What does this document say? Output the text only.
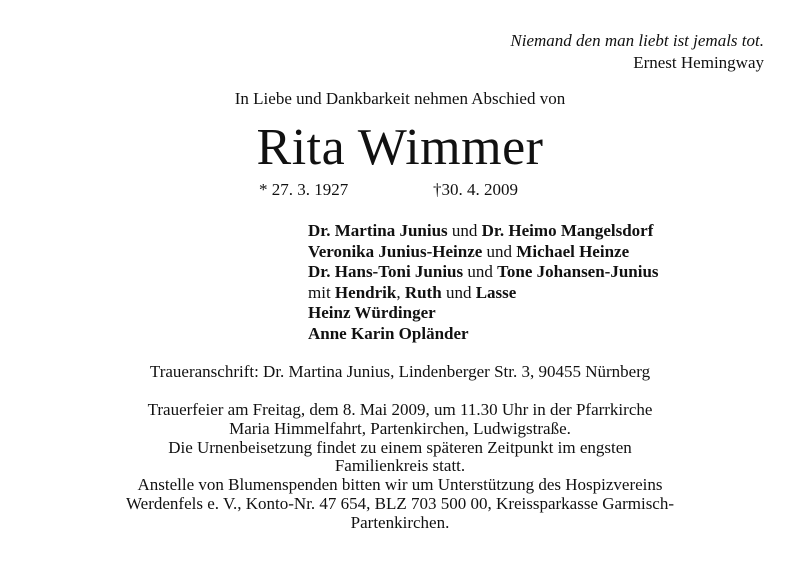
Niemand den man liebt ist jemals tot.
Ernest Hemingway
In Liebe und Dankbarkeit nehmen Abschied von
Rita Wimmer
* 27. 3. 1927	†30. 4. 2009
Dr. Martina Junius und Dr. Heimo Mangelsdorf
Veronika Junius-Heinze und Michael Heinze
Dr. Hans-Toni Junius und Tone Johansen-Junius
mit Hendrik, Ruth und Lasse
Heinz Würdinger
Anne Karin Opländer
Traueranschrift: Dr. Martina Junius, Lindenberger Str. 3, 90455 Nürnberg
Trauerfeier am Freitag, dem 8. Mai 2009, um 11.30 Uhr in der Pfarrkirche
Maria Himmelfahrt, Partenkirchen, Ludwigstraße.
Die Urnenbeisetzung findet zu einem späteren Zeitpunkt im engsten
Familienkreis statt.
Anstelle von Blumenspenden bitten wir um Unterstützung des Hospizvereins
Werdenfels e. V., Konto-Nr. 47 654, BLZ 703 500 00, Kreissparkasse Garmisch-
Partenkirchen.
